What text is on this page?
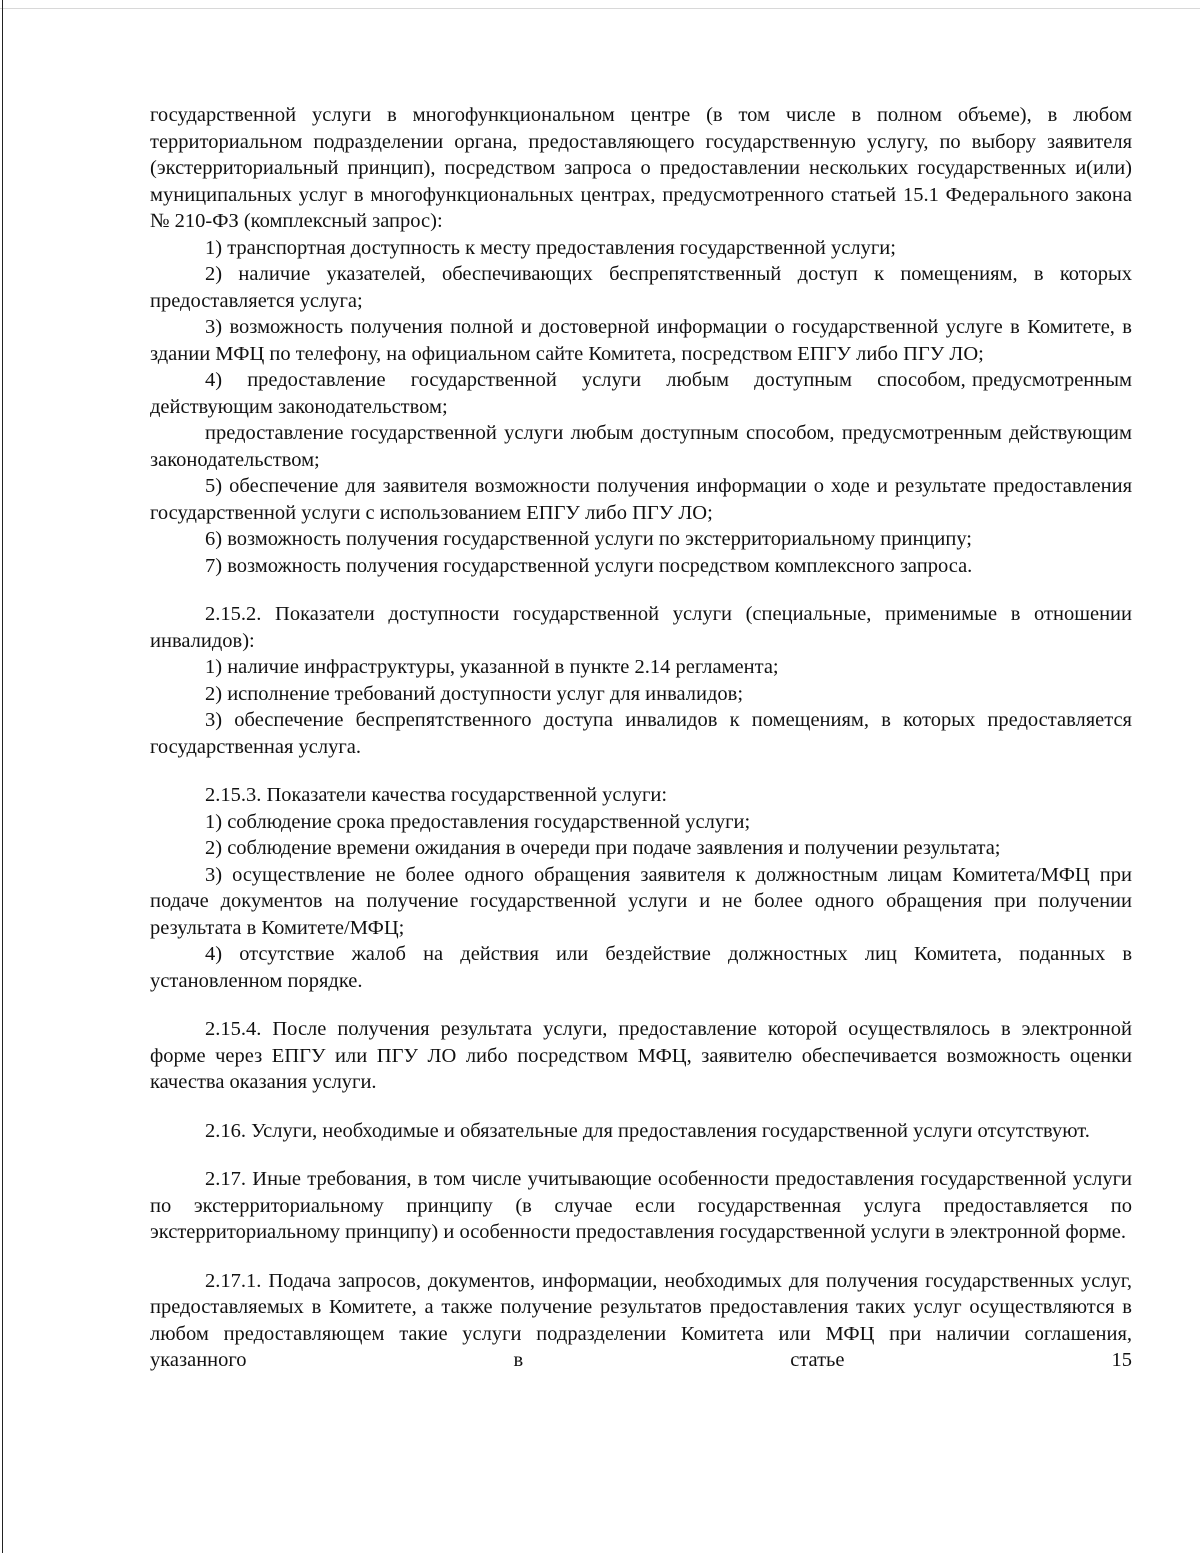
государственной услуги в многофункциональном центре (в том числе в полном объеме), в любом территориальном подразделении органа, предоставляющего государственную услугу, по выбору заявителя (экстерриториальный принцип), посредством запроса о предоставлении нескольких государственных и(или) муниципальных услуг в многофункциональных центрах, предусмотренного статьей 15.1 Федерального закона № 210-ФЗ (комплексный запрос):

1) транспортная доступность к месту предоставления государственной услуги;

2) наличие указателей, обеспечивающих беспрепятственный доступ к помещениям, в которых предоставляется услуга;

3) возможность получения полной и достоверной информации о государственной услуге в Комитете, в здании МФЦ по телефону, на официальном сайте Комитета, посредством ЕПГУ либо ПГУ ЛО;

4)    предоставление    государственной    услуги    любым    доступным    способом, предусмотренным действующим законодательством;

предоставление государственной услуги любым доступным способом, предусмотренным действующим законодательством;

5) обеспечение для заявителя возможности получения информации о ходе и результате предоставления государственной услуги с использованием ЕПГУ либо ПГУ ЛО;

6) возможность получения государственной услуги по экстерриториальному принципу;

7) возможность получения государственной услуги посредством комплексного запроса.

2.15.2. Показатели доступности государственной услуги (специальные, применимые в отношении инвалидов):

1) наличие инфраструктуры, указанной в пункте 2.14 регламента;

2) исполнение требований доступности услуг для инвалидов;

3) обеспечение беспрепятственного доступа инвалидов к помещениям, в которых предоставляется государственная услуга.

2.15.3. Показатели качества государственной услуги:

1) соблюдение срока предоставления государственной услуги;

2) соблюдение времени ожидания в очереди при подаче заявления и получении результата;

3) осуществление не более одного обращения заявителя к должностным лицам Комитета/МФЦ при подаче документов на получение государственной услуги и не более одного обращения при получении результата в Комитете/МФЦ;

4) отсутствие жалоб на действия или бездействие должностных лиц Комитета, поданных в установленном порядке.

2.15.4. После получения результата услуги, предоставление которой осуществлялось в электронной форме через ЕПГУ или ПГУ ЛО либо посредством МФЦ, заявителю обеспечивается возможность оценки качества оказания услуги.

2.16. Услуги, необходимые и обязательные для предоставления государственной услуги отсутствуют.

2.17. Иные требования, в том числе учитывающие особенности предоставления государственной услуги по экстерриториальному принципу (в случае если государственная услуга предоставляется по экстерриториальному принципу) и особенности предоставления государственной услуги в электронной форме.

2.17.1. Подача запросов, документов, информации, необходимых для получения государственных услуг, предоставляемых в Комитете, а также получение результатов предоставления таких услуг осуществляются в любом предоставляющем такие услуги подразделении Комитета или МФЦ при наличии соглашения, указанного в статье 15
